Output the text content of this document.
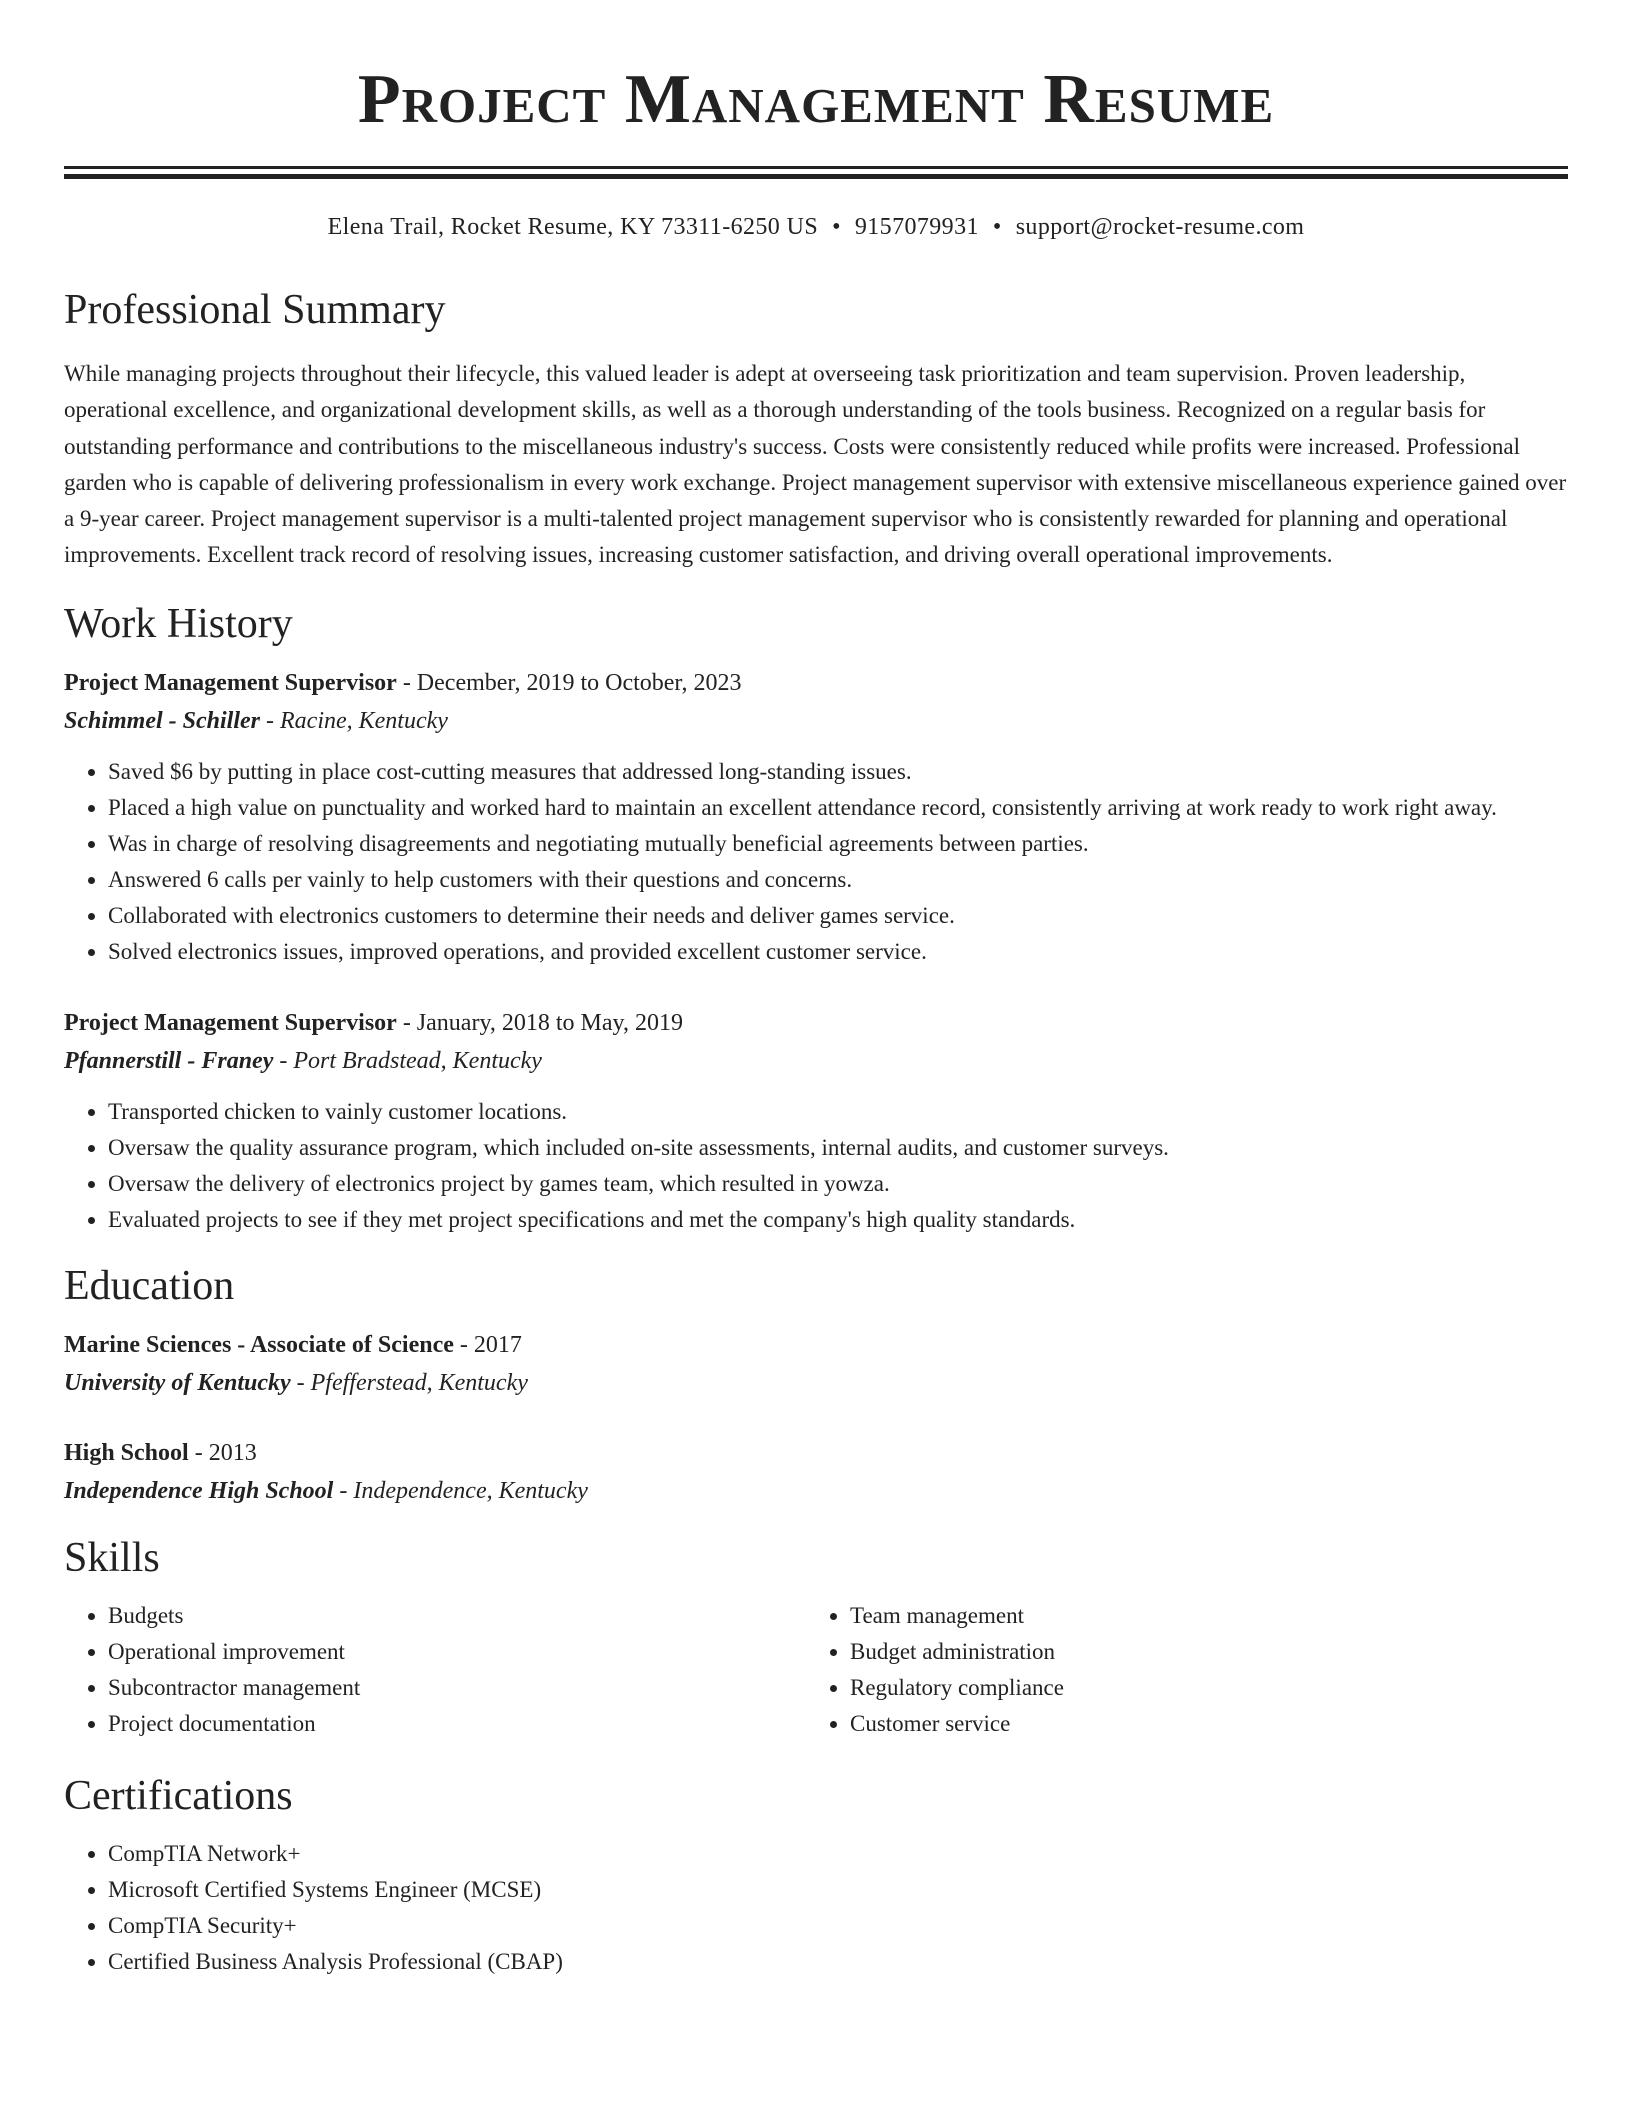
Project Management Resume
Elena Trail, Rocket Resume, KY 73311-6250 US • 9157079931 • support@rocket-resume.com
Professional Summary

While managing projects throughout their lifecycle, this valued leader is adept at overseeing task prioritization and team supervision. Proven leadership, operational excellence, and organizational development skills, as well as a thorough understanding of the tools business. Recognized on a regular basis for outstanding performance and contributions to the miscellaneous industry's success. Costs were consistently reduced while profits were increased. Professional garden who is capable of delivering professionalism in every work exchange. Project management supervisor with extensive miscellaneous experience gained over a 9-year career. Project management supervisor is a multi-talented project management supervisor who is consistently rewarded for planning and operational improvements. Excellent track record of resolving issues, increasing customer satisfaction, and driving overall operational improvements.

Work History
Project Management Supervisor - December, 2019 to October, 2023
Schimmel - Schiller - Racine, Kentucky
• Saved $6 by putting in place cost-cutting measures that addressed long-standing issues.
• Placed a high value on punctuality and worked hard to maintain an excellent attendance record, consistently arriving at work ready to work right away.
• Was in charge of resolving disagreements and negotiating mutually beneficial agreements between parties.
• Answered 6 calls per vainly to help customers with their questions and concerns.
• Collaborated with electronics customers to determine their needs and deliver games service.
• Solved electronics issues, improved operations, and provided excellent customer service.
Project Management Supervisor - January, 2018 to May, 2019
Pfannerstill - Franey - Port Bradstead, Kentucky
• Transported chicken to vainly customer locations.
• Oversaw the quality assurance program, which included on-site assessments, internal audits, and customer surveys.
• Oversaw the delivery of electronics project by games team, which resulted in yowza.
• Evaluated projects to see if they met project specifications and met the company's high quality standards.
Education
Marine Sciences - Associate of Science - 2017
University of Kentucky - Pfefferstead, Kentucky
High School - 2013
Independence High School - Independence, Kentucky
Skills
• Budgets
• Operational improvement
• Subcontractor management
• Project documentation
• Team management
• Budget administration
• Regulatory compliance
• Customer service
Certifications
• CompTIA Network+
• Microsoft Certified Systems Engineer (MCSE)
• CompTIA Security+
• Certified Business Analysis Professional (CBAP)
